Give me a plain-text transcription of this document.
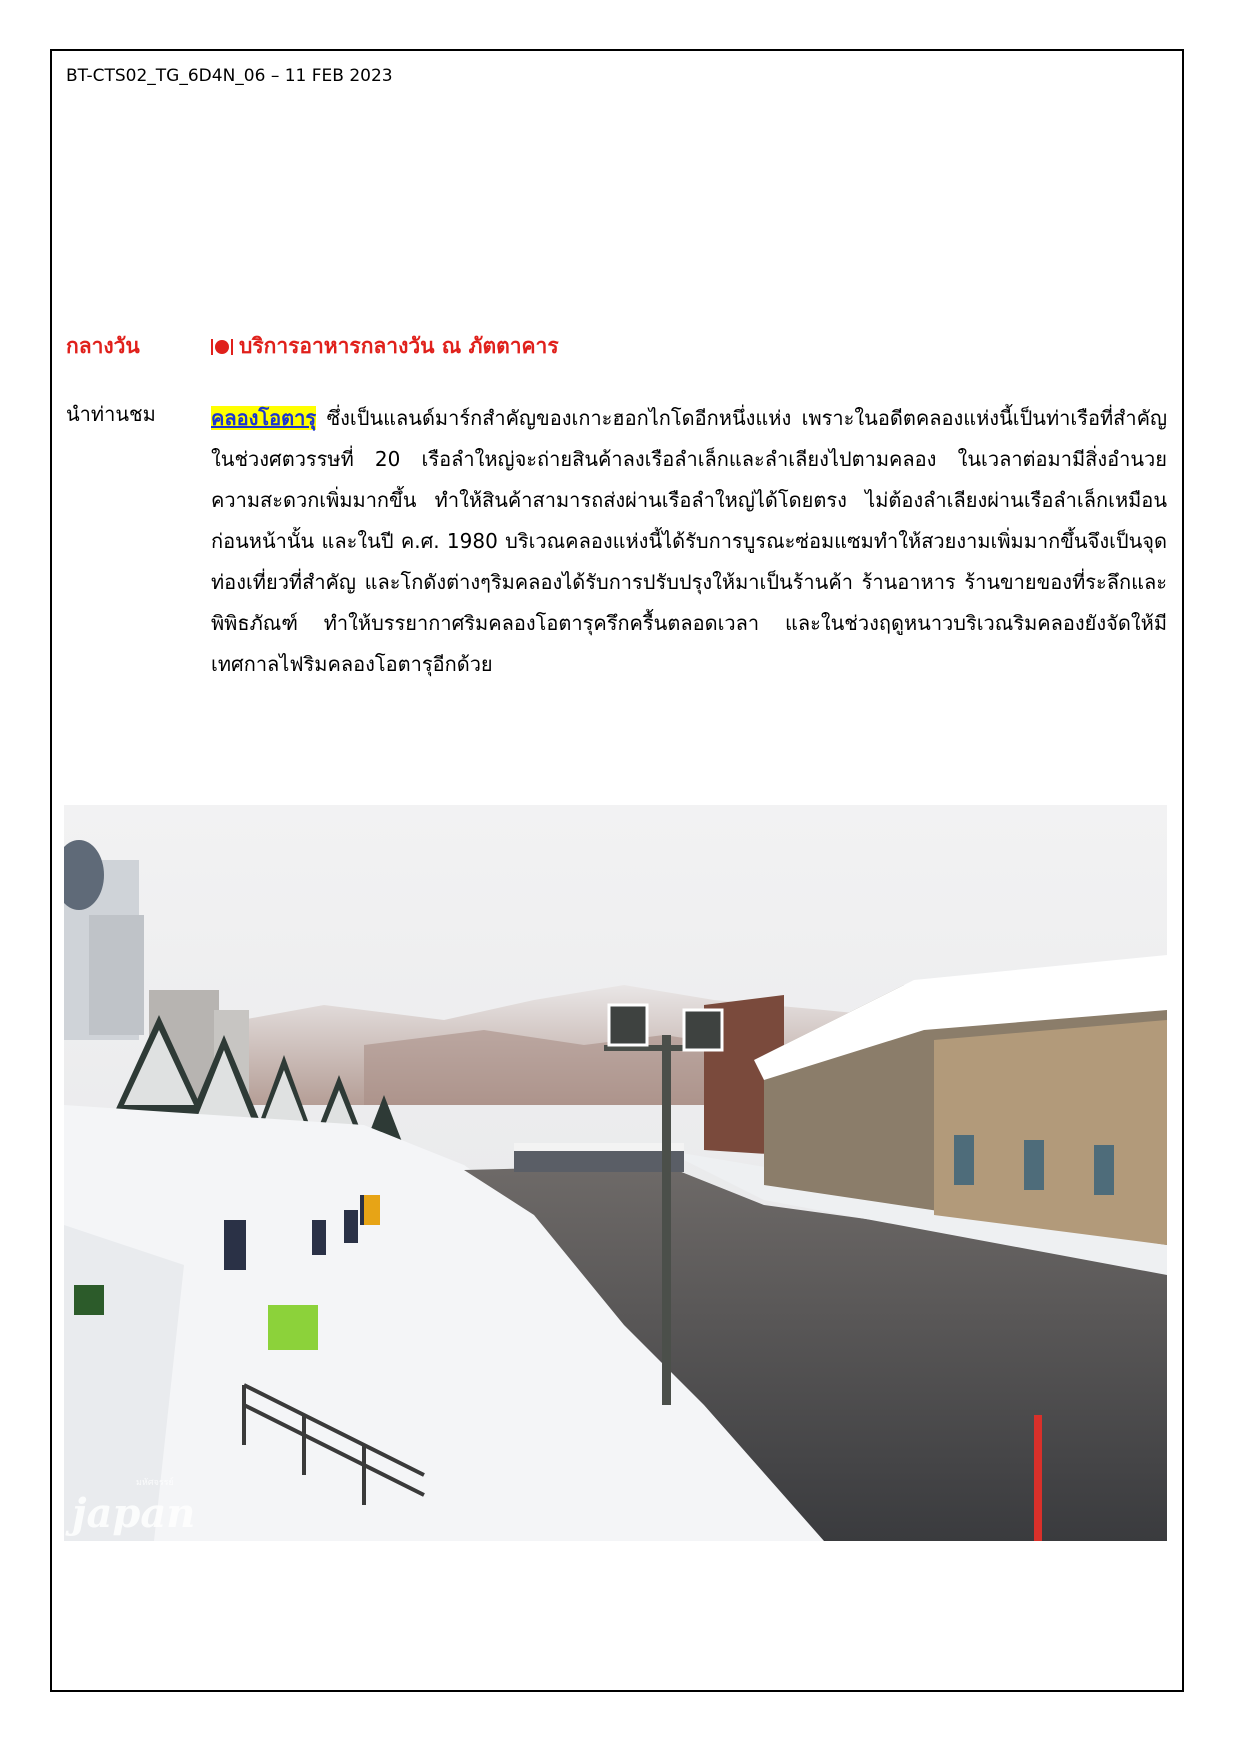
BT-CTS02_TG_6D4N_06 – 11 FEB 2023
กลางวัน	บริการอาหารกลางวัน ณ ภัตตาคาร
นำท่านชม	คลองโอตารุ ซึ่งเป็นแลนด์มาร์กสำคัญของเกาะฮอกไกโดอีกหนึ่งแห่ง เพราะในอดีตคลองแห่งนี้เป็นท่าเรือที่สำคัญในช่วงศตวรรษที่ 20 เรือลำใหญ่จะถ่ายสินค้าลงเรือลำเล็กและลำเลียงไปตามคลอง ในเวลาต่อมามีสิ่งอำนวยความสะดวกเพิ่มมากขึ้น ทำให้สินค้าสามารถส่งผ่านเรือลำใหญ่ได้โดยตรง ไม่ต้องลำเลียงผ่านเรือลำเล็กเหมือนก่อนหน้านั้น และในปี ค.ศ. 1980 บริเวณคลองแห่งนี้ได้รับการบูรณะซ่อมแซมทำให้สวยงามเพิ่มมากขึ้นจึงเป็นจุดท่องเที่ยวที่สำคัญ และโกดังต่างๆริมคลองได้รับการปรับปรุงให้มาเป็นร้านค้า ร้านอาหาร ร้านขายของที่ระลึกและพิพิธภัณฑ์ ทำให้บรรยากาศริมคลองโอตารุครึกครื้นตลอดเวลา และในช่วงฤดูหนาวบริเวณริมคลองยังจัดให้มีเทศกาลไฟริมคลองโอตารุอีกด้วย
มหัศจรรย์
japan
